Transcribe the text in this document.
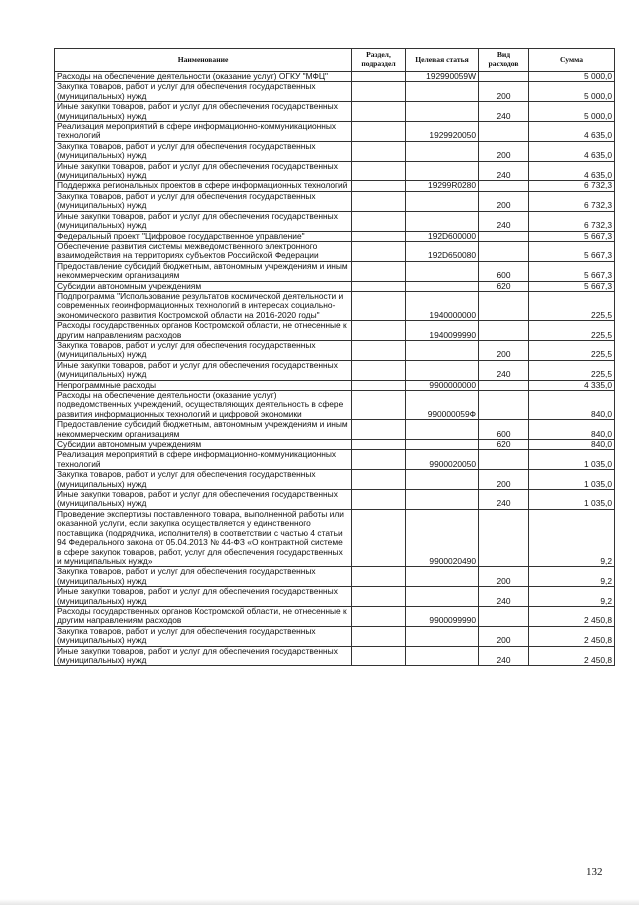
Наименование	Раздел, подраздел	Целевая статья	Вид расходов	Сумма
Расходы на обеспечение деятельности (оказание услуг) ОГКУ "МФЦ"		192990059W		5 000,0
Закупка товаров, работ и услуг для обеспечения государственных (муниципальных) нужд			200	5 000,0
Иные закупки товаров, работ и услуг для обеспечения государственных (муниципальных) нужд			240	5 000,0
Реализация мероприятий в сфере информационно-коммуникационных технологий		1929920050		4 635,0
Закупка товаров, работ и услуг для обеспечения государственных (муниципальных) нужд			200	4 635,0
Иные закупки товаров, работ и услуг для обеспечения государственных (муниципальных) нужд			240	4 635,0
Поддержка региональных проектов в сфере информационных технологий		19299R0280		6 732,3
Закупка товаров, работ и услуг для обеспечения государственных (муниципальных) нужд			200	6 732,3
Иные закупки товаров, работ и услуг для обеспечения государственных (муниципальных) нужд			240	6 732,3
Федеральный проект "Цифровое государственное управление"		192D600000		5 667,3
Обеспечение развития системы межведомственного электронного взаимодействия на территориях субъектов Российской Федерации		192D650080		5 667,3
Предоставление субсидий бюджетным, автономным учреждениям и иным некоммерческим организациям			600	5 667,3
Субсидии автономным учреждениям			620	5 667,3
Подпрограмма "Использование результатов космической деятельности и современных геоинформационных технологий в интересах социально-экономического развития Костромской области на 2016-2020 годы"		1940000000		225,5
Расходы государственных органов Костромской области, не отнесенные к другим направлениям расходов		1940099990		225,5
Закупка товаров, работ и услуг для обеспечения государственных (муниципальных) нужд			200	225,5
Иные закупки товаров, работ и услуг для обеспечения государственных (муниципальных) нужд			240	225,5
Непрограммные расходы		9900000000		4 335,0
Расходы на обеспечение деятельности (оказание услуг) подведомственных учреждений, осуществляющих деятельность в сфере развития информационных технологий и цифровой экономики		990000059Ф		840,0
Предоставление субсидий бюджетным, автономным учреждениям и иным некоммерческим организациям			600	840,0
Субсидии автономным учреждениям			620	840,0
Реализация мероприятий в сфере информационно-коммуникационных технологий		9900020050		1 035,0
Закупка товаров, работ и услуг для обеспечения государственных (муниципальных) нужд			200	1 035,0
Иные закупки товаров, работ и услуг для обеспечения государственных (муниципальных) нужд			240	1 035,0
Проведение экспертизы поставленного товара, выполненной работы или оказанной услуги, если закупка осуществляется у единственного поставщика (подрядчика, исполнителя) в соответствии с частью 4 статьи 94 Федерального закона от 05.04.2013 № 44-ФЗ «О контрактной системе в сфере закупок товаров, работ, услуг для обеспечения государственных и муниципальных нужд»		9900020490		9,2
Закупка товаров, работ и услуг для обеспечения государственных (муниципальных) нужд			200	9,2
Иные закупки товаров, работ и услуг для обеспечения государственных (муниципальных) нужд			240	9,2
Расходы государственных органов Костромской области, не отнесенные к другим направлениям расходов		9900099990		2 450,8
Закупка товаров, работ и услуг для обеспечения государственных (муниципальных) нужд			200	2 450,8
Иные закупки товаров, работ и услуг для обеспечения государственных (муниципальных) нужд			240	2 450,8
132
